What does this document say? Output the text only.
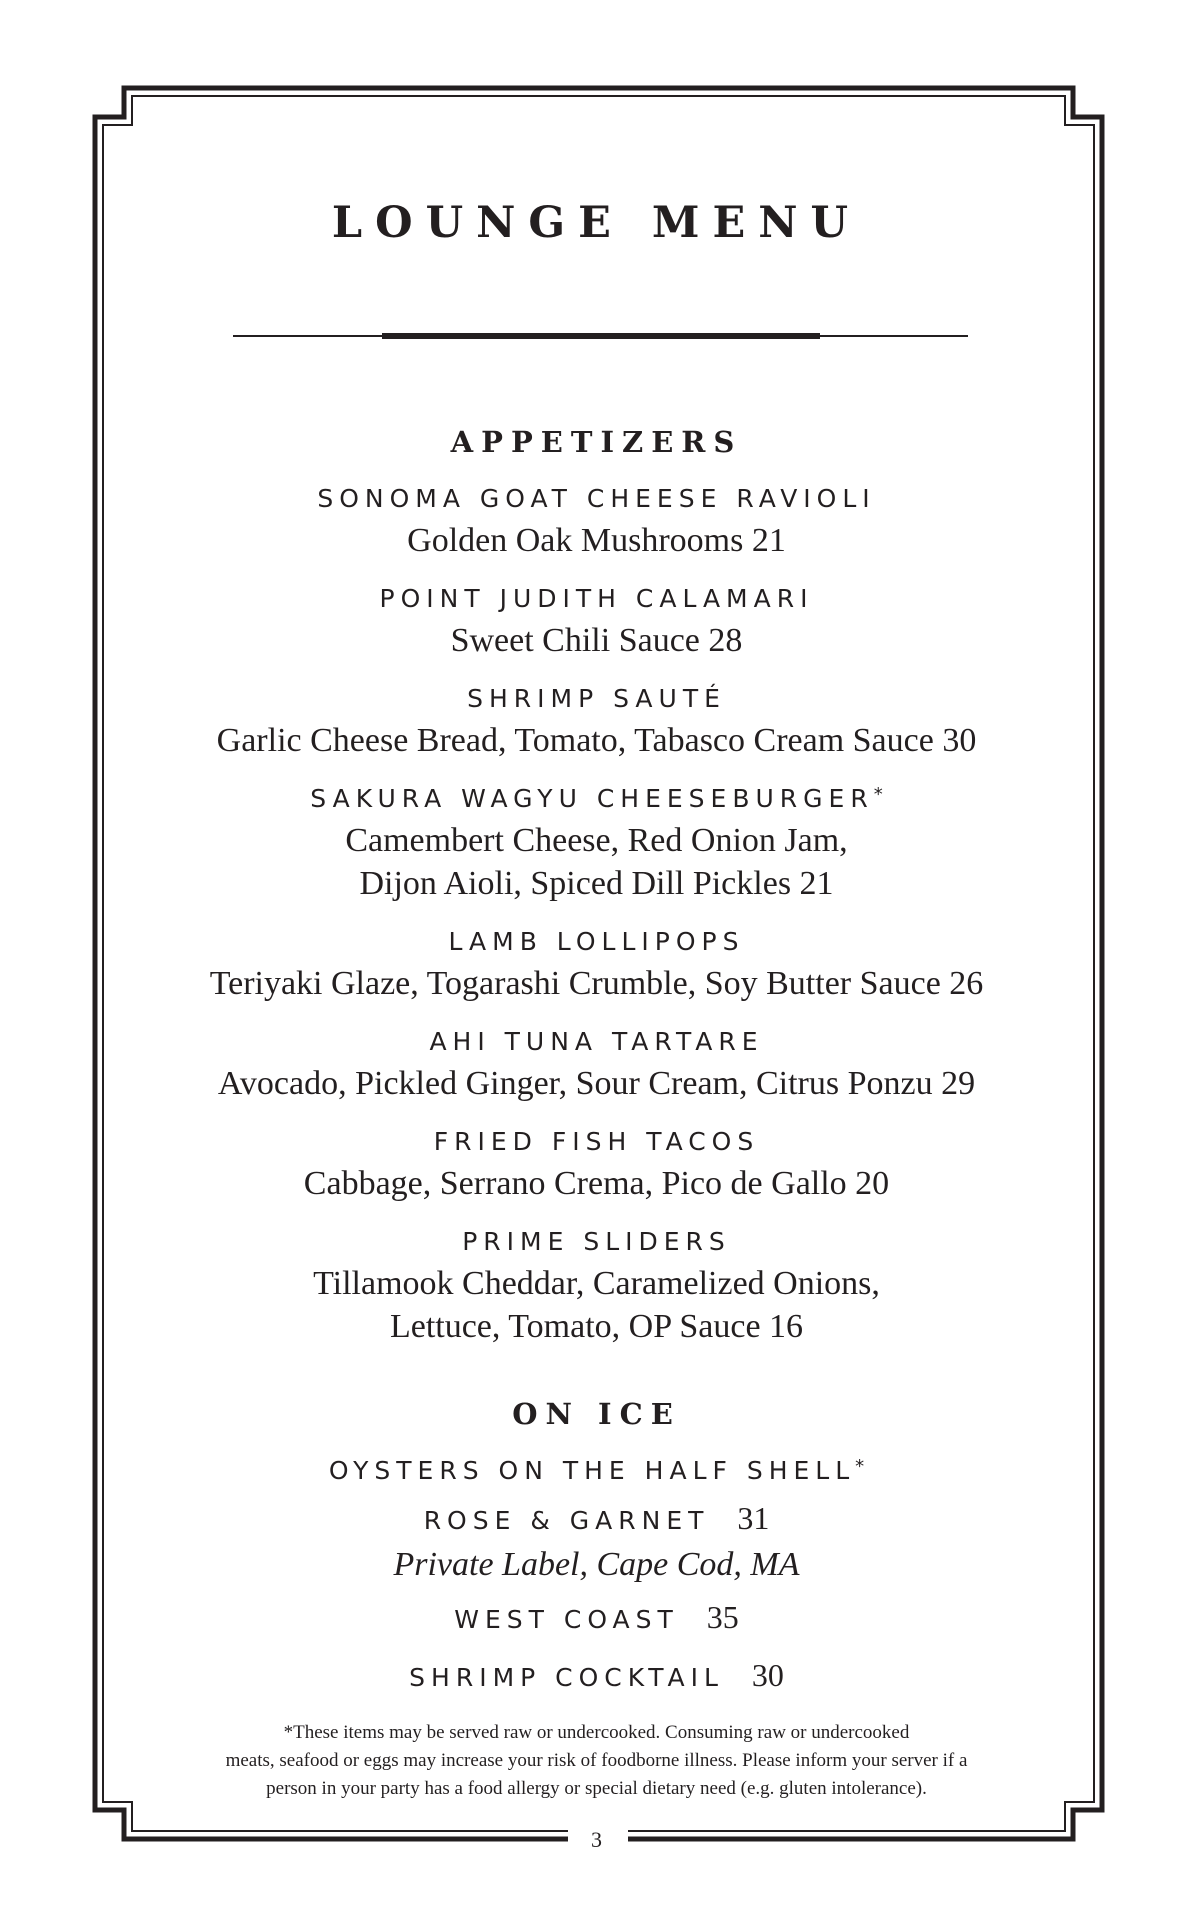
LOUNGE MENU
APPETIZERS
SONOMA GOAT CHEESE RAVIOLI
Golden Oak Mushrooms 21
POINT JUDITH CALAMARI
Sweet Chili Sauce 28
SHRIMP SAUTÉ
Garlic Cheese Bread, Tomato, Tabasco Cream Sauce 30
SAKURA WAGYU CHEESEBURGER*
Camembert Cheese, Red Onion Jam,
Dijon Aioli, Spiced Dill Pickles 21
LAMB LOLLIPOPS
Teriyaki Glaze, Togarashi Crumble, Soy Butter Sauce 26
AHI TUNA TARTARE
Avocado, Pickled Ginger, Sour Cream, Citrus Ponzu 29
FRIED FISH TACOS
Cabbage, Serrano Crema, Pico de Gallo 20
PRIME SLIDERS
Tillamook Cheddar, Caramelized Onions,
Lettuce, Tomato, OP Sauce 16
ON ICE
OYSTERS ON THE HALF SHELL*
ROSE & GARNET 31
Private Label, Cape Cod, MA
WEST COAST 35
SHRIMP COCKTAIL 30
*These items may be served raw or undercooked. Consuming raw or undercooked
meats, seafood or eggs may increase your risk of foodborne illness. Please inform your server if a
person in your party has a food allergy or special dietary need (e.g. gluten intolerance).
3
